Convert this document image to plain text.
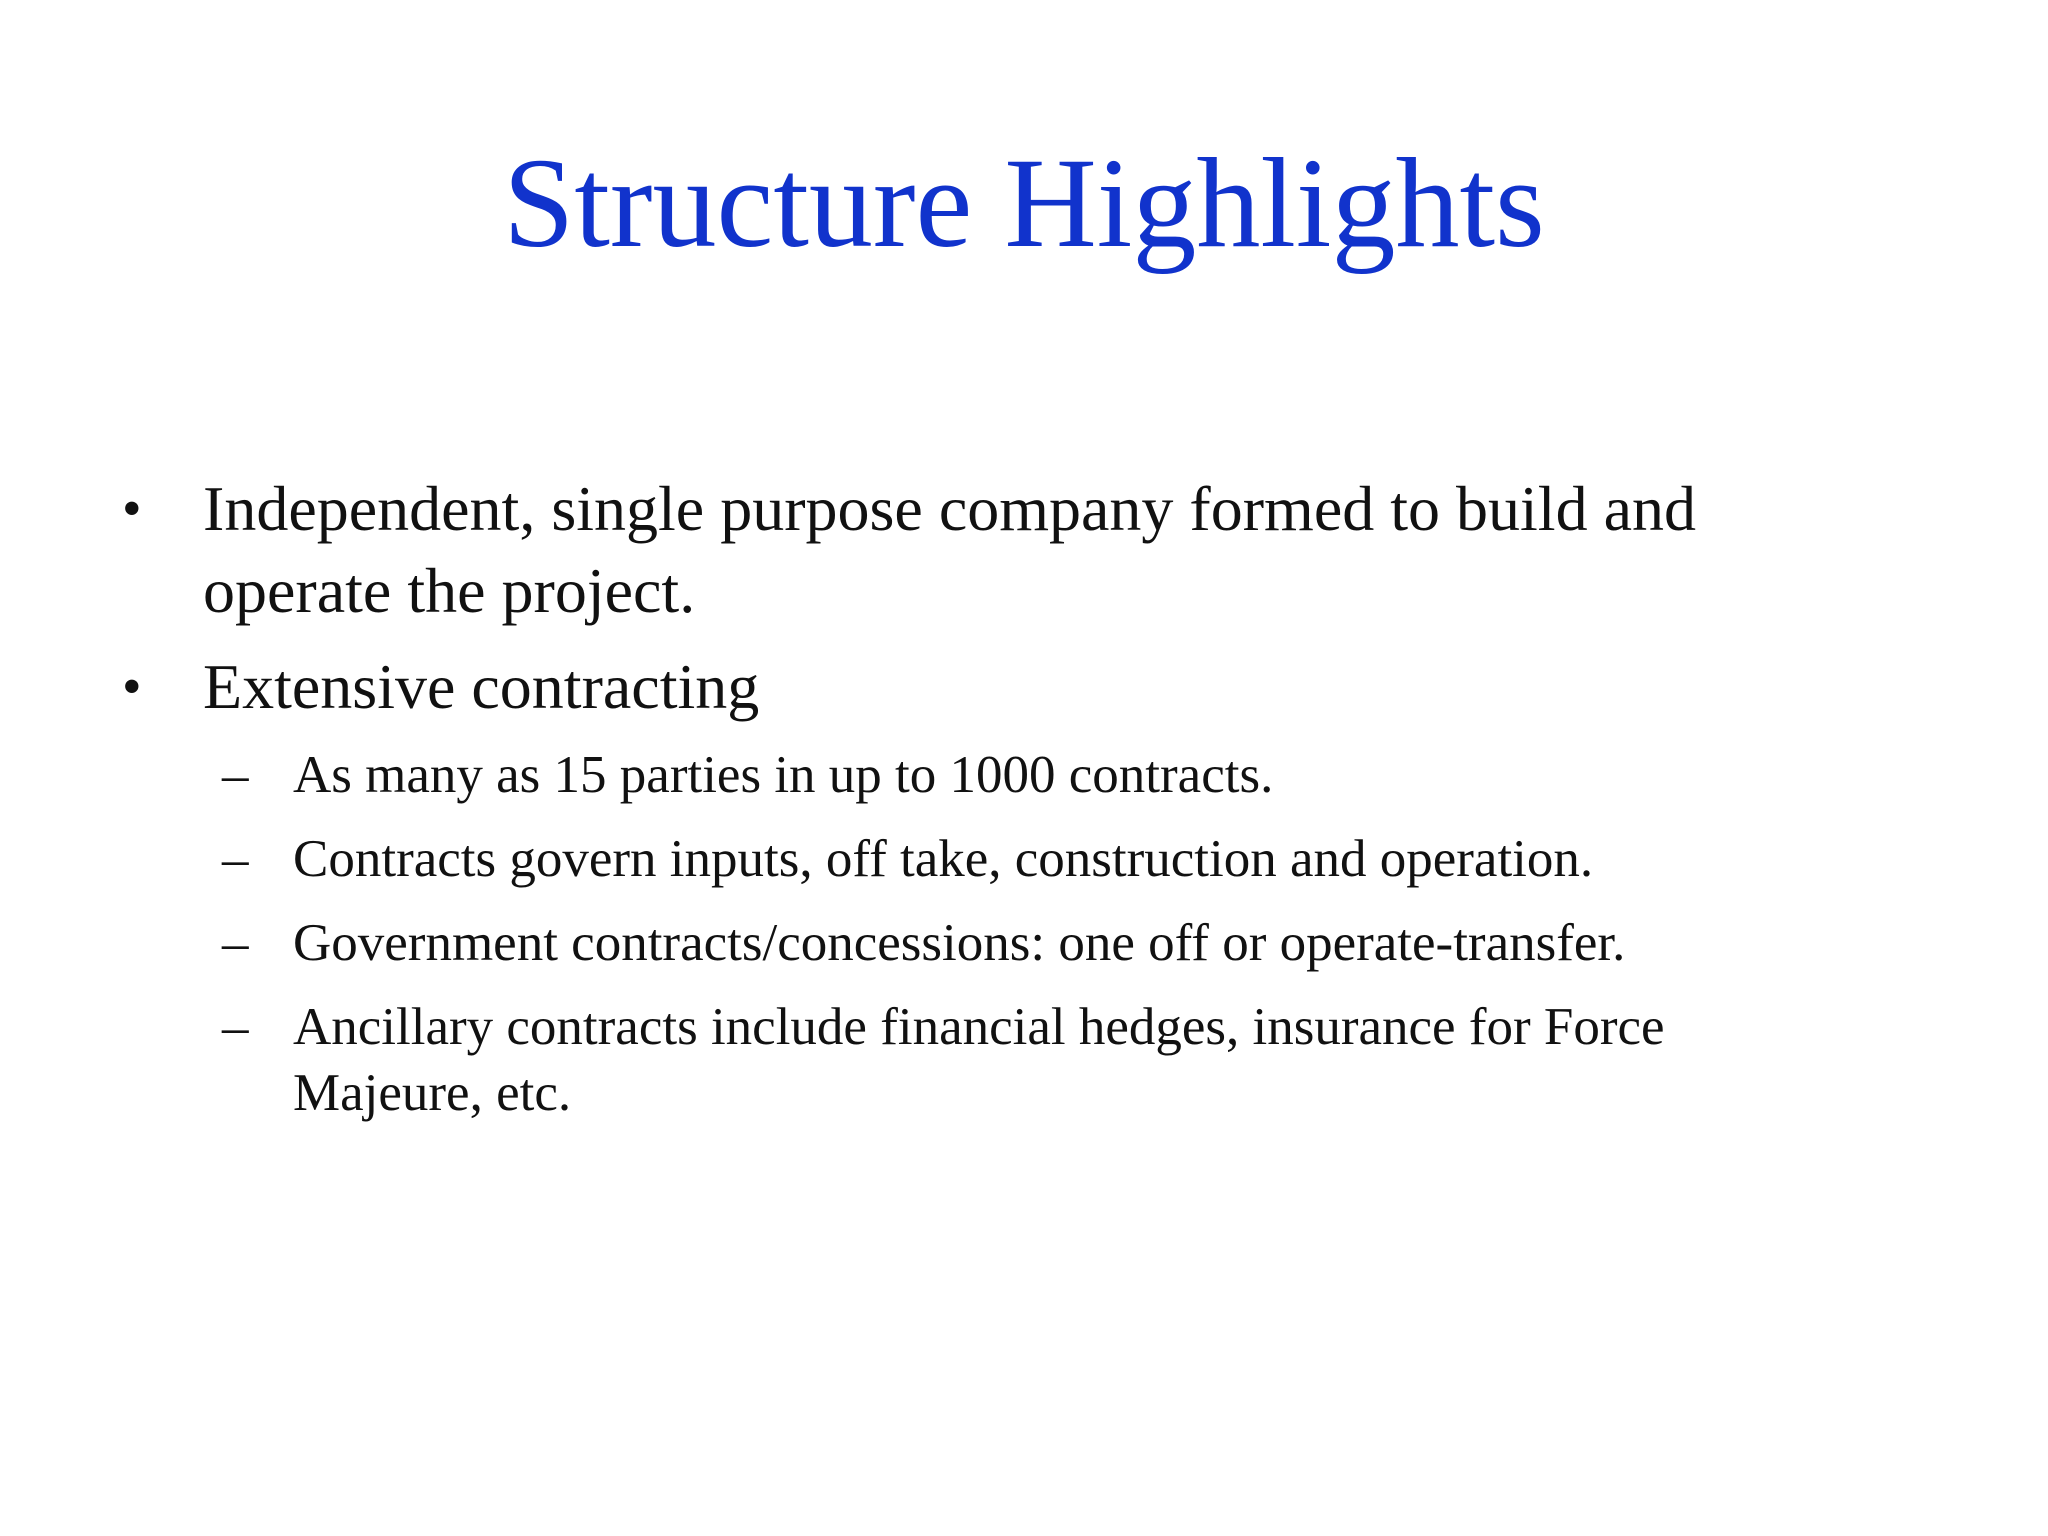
Structure Highlights
• Independent, single purpose company formed to build and operate the project.
• Extensive contracting
– As many as 15 parties in up to 1000 contracts.
– Contracts govern inputs, off take, construction and operation.
– Government contracts/concessions: one off or operate-transfer.
– Ancillary contracts include financial hedges, insurance for Force Majeure, etc.
